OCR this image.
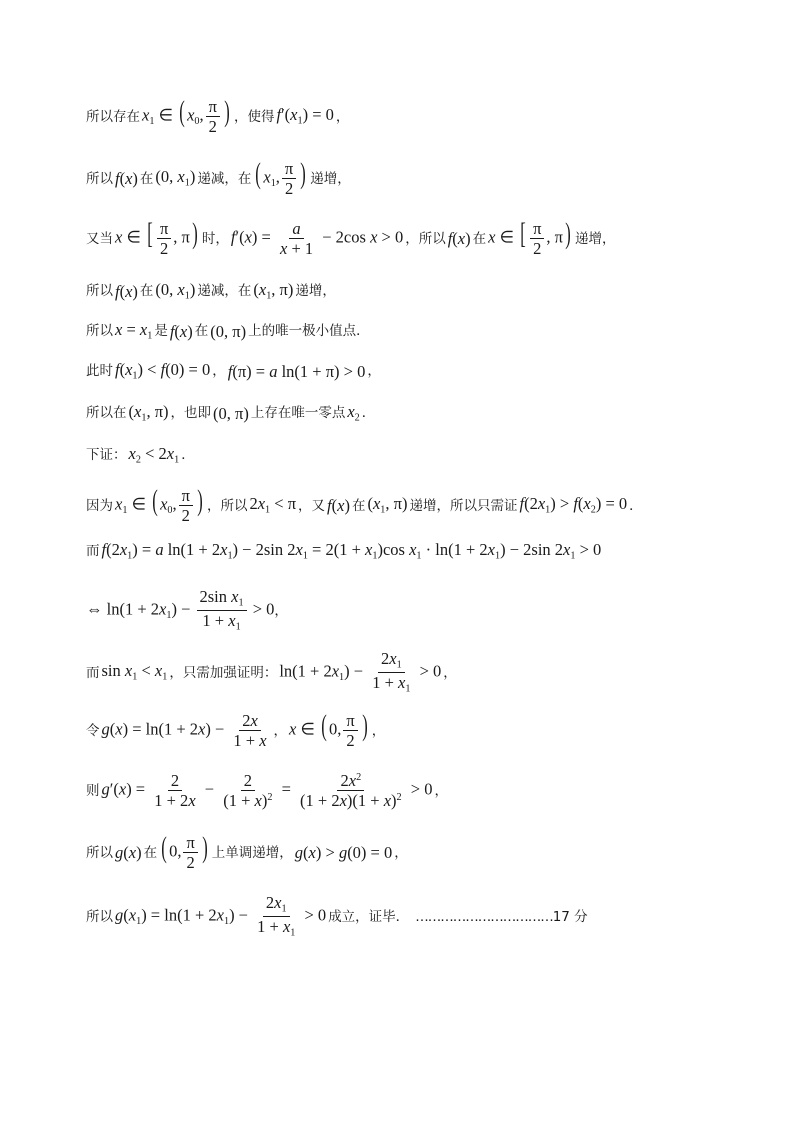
所以存在 $x_1$ ∈ ( $x_0$, $\frac{\pi}{2}$ ) ，使得 $f'(x_1) = 0$ ，
所以 f(x) 在 (0, $x_1$) 递减，在 ( $x_1$, $\frac{\pi}{2}$ ) 递增，
又当 x ∈ [ $\frac{\pi}{2}$ , π) 时， $f'(x) = \frac{a}{x + 1} - 2\cos$ x > 0 ，所以 f(x) 在 x ∈ [ $\frac{\pi}{2}$ , π) 递增，
所以 f(x) 在 (0, $x_1$) 递减，在 ($x_1$, π) 递增，
所以 $x = x_1$ 是 f(x) 在 (0, π) 上的唯一极小值点．
此时 $f(x_1) < f(0) = 0$ ， f(π) = a ln(1 + π) > 0 ，
所以在 ($x_1$, π) ，也即 (0, π) 上存在唯一零点 $x_2$ ．
下证： $x_2 < 2x_1$ ．
因为 $x_1$ ∈ ( $x_0$, $\frac{\pi}{2}$ ) ，所以 $2x_1 < \pi$ ，又 f(x) 在 ($x_1$, π) 递增，所以只需证 $f(2x_1) > f(x_2) = 0$ ．
而 $f(2x_1) = a$ $\ln(1 + 2x_1) - 2\sin$ $2x_1 = 2(1 + x_1)\cos$ $x_1 \cdot \ln(1 + 2x_1) - 2\sin$ $2x_1 > 0$
⇔ $\ln(1 + 2x_1) - \frac{2\sin x_1}{1 + x_1} > 0$ ，
而 $\sin x_1 < x_1$ ，只需加强证明： $\ln(1 + 2x_1) - \frac{2x_1}{1 + x_1} > 0$ ，
令 $g(x) = \ln(1 + 2x) - \frac{2x}{1 + x}$ ， x ∈ ( 0, $\frac{\pi}{2}$ ) ，
则 $g'(x) = \frac{2}{1 + 2x} - \frac{2}{(1 + x)^2} = \frac{2x^2}{(1 + 2x)(1 + x)^2} > 0$ ，
所以 g(x) 在 ( 0, $\frac{\pi}{2}$ ) 上单调递增， g(x) > g(0) = 0 ，
所以 $g(x_1) = \ln(1 + 2x_1) - \frac{2x_1}{1 + x_1} > 0$ 成立，证毕． …………………………… 17 分
